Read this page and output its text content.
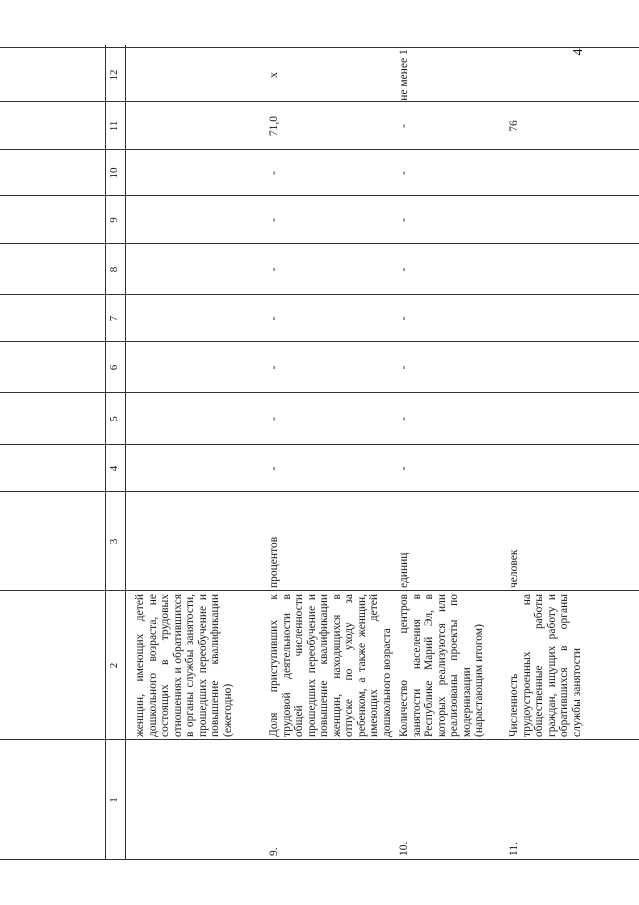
4
1
2
3
4
5
6
7
8
9
10
11
12
женщин, имеющих детей дошкольного возраста, не состоящих в трудовых отношениях и обратившихся в органы службы занятости, прошедших переобучение и повышение квалификации (ежегодно)
9.
Доля приступивших к трудовой деятельности в общей численности прошедших переобучение и повышение квалификации женщин, находящихся в отпуске по уходу за ребенком, а также женщин, имеющих детей дошкольного возраста
процентов
-
-
-
-
-
-
-
71,0
х
10.
Количество центров занятости населения в Республике Марий Эл, в которых реализуются или реализованы проекты по модернизации (нарастающим итогом)
единиц
-
-
-
-
-
-
-
-
не менее 1
11.
Численность трудоустроенных на общественные работы граждан, ищущих работу и обратившихся в органы службы занятости
человек
76
